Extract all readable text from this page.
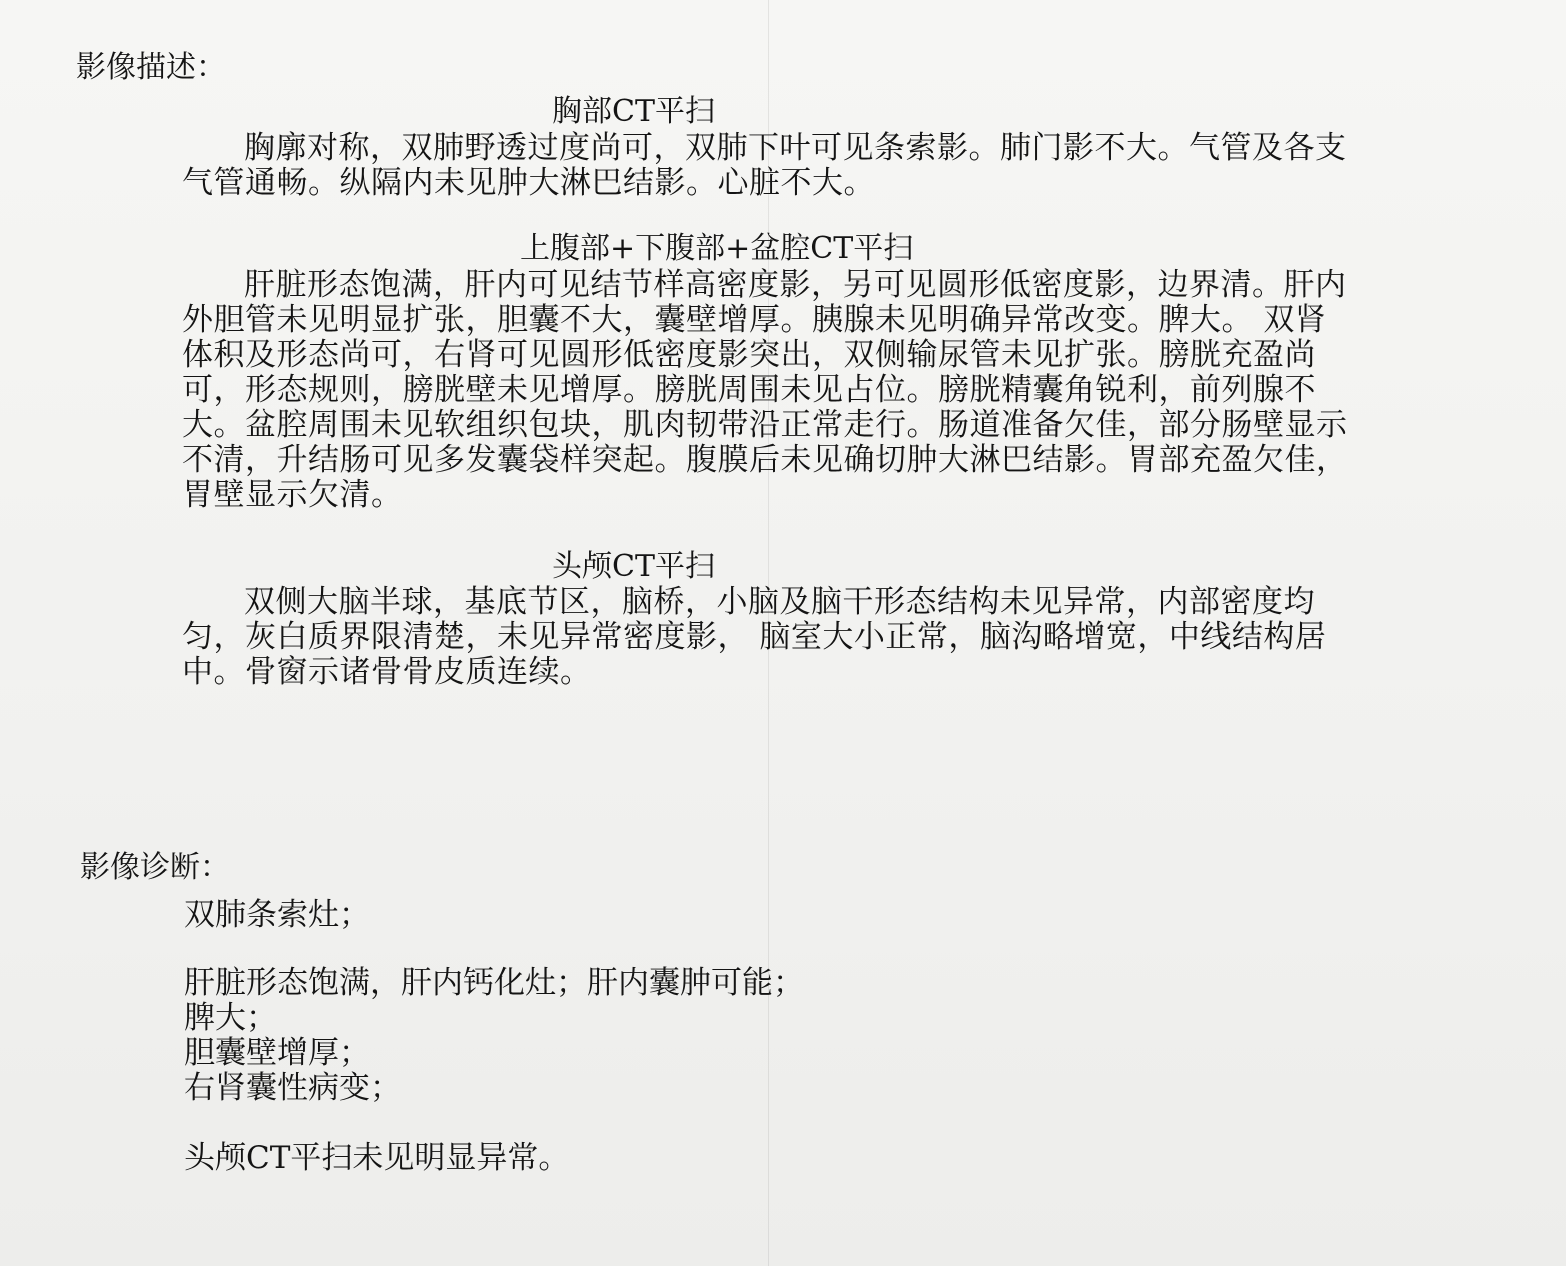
影像描述：
胸部CT平扫
胸廓对称，双肺野透过度尚可，双肺下叶可见条索影。肺门影不大。气管及各支气管通畅。纵隔内未见肿大淋巴结影。心脏不大。
上腹部+下腹部+盆腔CT平扫
肝脏形态饱满，肝内可见结节样高密度影，另可见圆形低密度影，边界清。肝内外胆管未见明显扩张，胆囊不大，囊壁增厚。胰腺未见明确异常改变。脾大。 双肾体积及形态尚可，右肾可见圆形低密度影突出，双侧输尿管未见扩张。膀胱充盈尚可，形态规则，膀胱壁未见增厚。膀胱周围未见占位。膀胱精囊角锐利，前列腺不大。盆腔周围未见软组织包块，肌肉韧带沿正常走行。肠道准备欠佳，部分肠壁显示不清，升结肠可见多发囊袋样突起。腹膜后未见确切肿大淋巴结影。胃部充盈欠佳，胃壁显示欠清。
头颅CT平扫
双侧大脑半球，基底节区，脑桥，小脑及脑干形态结构未见异常，内部密度均匀，灰白质界限清楚，未见异常密度影， 脑室大小正常，脑沟略增宽，中线结构居中。骨窗示诸骨骨皮质连续。
影像诊断：
双肺条索灶；
肝脏形态饱满，肝内钙化灶；肝内囊肿可能；
脾大；
胆囊壁增厚；
右肾囊性病变；
头颅CT平扫未见明显异常。
